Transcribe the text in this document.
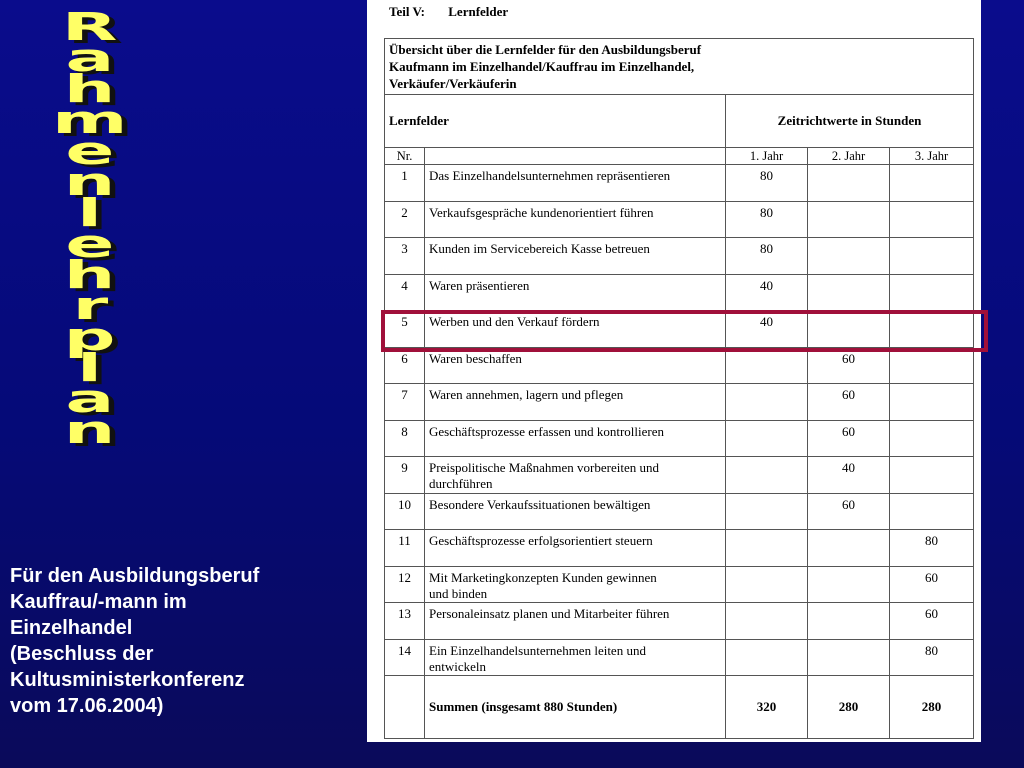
R
a
h
m
e
n
l
e
h
r
p
l
a
n
Für den Ausbildungsberuf
Kauffrau/-mann im
Einzelhandel
(Beschluss der
Kultusministerkonferenz
vom 17.06.2004)
Teil V: Lernfelder
Übersicht über die Lernfelder für den Ausbildungsberuf
Kaufmann im Einzelhandel/Kauffrau im Einzelhandel,
Verkäufer/Verkäuferin				

Lernfelder		Zeitrichtwerte in Stunden		
Nr.		1. Jahr	2. Jahr	3. Jahr
1	Das Einzelhandelsunternehmen repräsentieren	80		
2	Verkaufsgespräche kundenorientiert führen	80		
3	Kunden im Servicebereich Kasse betreuen	80		
4	Waren präsentieren	40		
5	Werben und den Verkauf fördern	40		
6	Waren beschaffen		60	
7	Waren annehmen, lagern und pflegen		60	
8	Geschäftsprozesse erfassen und kontrollieren		60	
9	Preispolitische Maßnahmen vorbereiten und
durchführen		40	
10	Besondere Verkaufssituationen bewältigen		60	
11	Geschäftsprozesse erfolgsorientiert steuern			80
12	Mit Marketingkonzepten Kunden gewinnen
und binden			60
13	Personaleinsatz planen und Mitarbeiter führen			60
14	Ein Einzelhandelsunternehmen leiten und
entwickeln			80
	Summen (insgesamt 880 Stunden)	320	280	280
